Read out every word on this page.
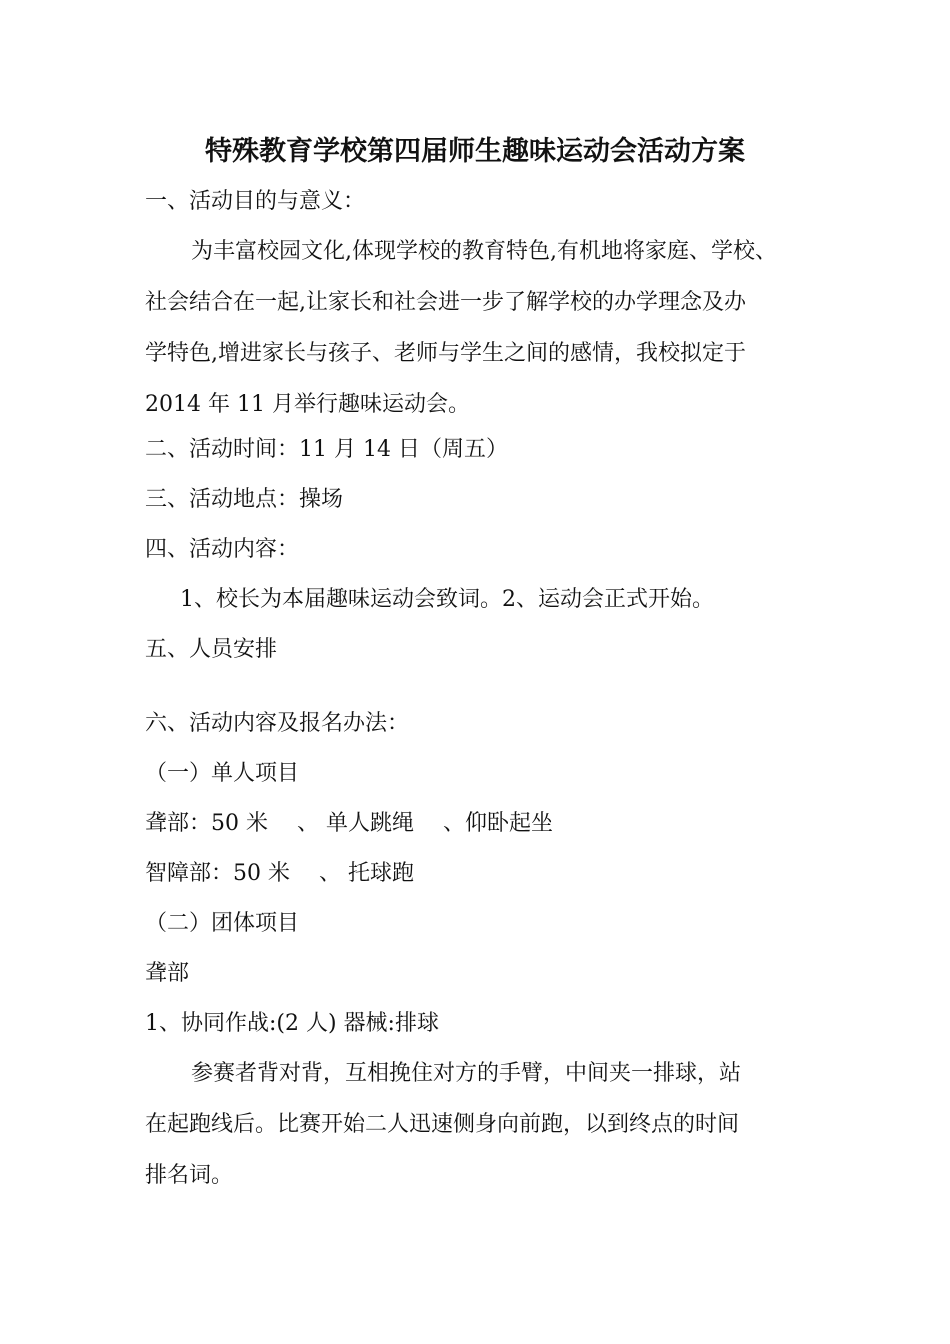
特殊教育学校第四届师生趣味运动会活动方案
一、活动目的与意义：
为丰富校园文化,体现学校的教育特色,有机地将家庭、学校、
社会结合在一起,让家长和社会进一步了解学校的办学理念及办
学特色,增进家长与孩子、老师与学生之间的感情，我校拟定于
2014 年 11 月举行趣味运动会。
二、活动时间：11 月 14 日（周五）
三、活动地点：操场
四、活动内容：
1、校长为本届趣味运动会致词。2、运动会正式开始。
五、人员安排
六、活动内容及报名办法：
（一）单人项目
聋部：50 米　 、 单人跳绳　 、仰卧起坐
智障部：50 米　 、 托球跑
（二）团体项目
聋部
1、协同作战:(2 人) 器械:排球
参赛者背对背，互相挽住对方的手臂，中间夹一排球，站
在起跑线后。比赛开始二人迅速侧身向前跑，以到终点的时间
排名词。
